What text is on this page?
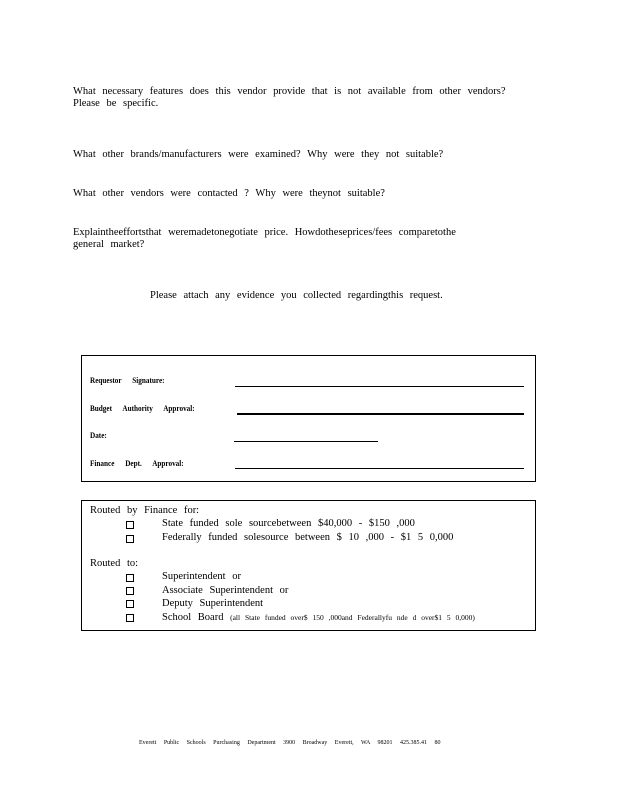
What necessary features does this vendor provide that is not available from other vendors?
Please be specific.
What other brands/manufacturers were examined? Why were they not suitable?
What other vendors were contacted ? Why were theynot suitable?
Explaintheeffortsthat weremadetonegotiate price. Howdotheseprices/fees comparetothe
general market?
Please attach any evidence you collected regardingthis request.
Requestor Signature:
Budget Authority Approval:
Date:
Finance Dept. Approval:
Routed by Finance for:
State funded sole sourcebetween $40,000 - $150 ,000
Federally funded solesource between $ 10 ,000 - $1 5 0,000
Routed to:
Superintendent or
Associate Superintendent or
Deputy Superintendent
School Board (all State funded over$ 150 ,000and Federallyfu nde d over$1 5 0,000)
Everett Public Schools Purchasing Department 3900 Broadway Everett, WA 98201 425.385.41 80
